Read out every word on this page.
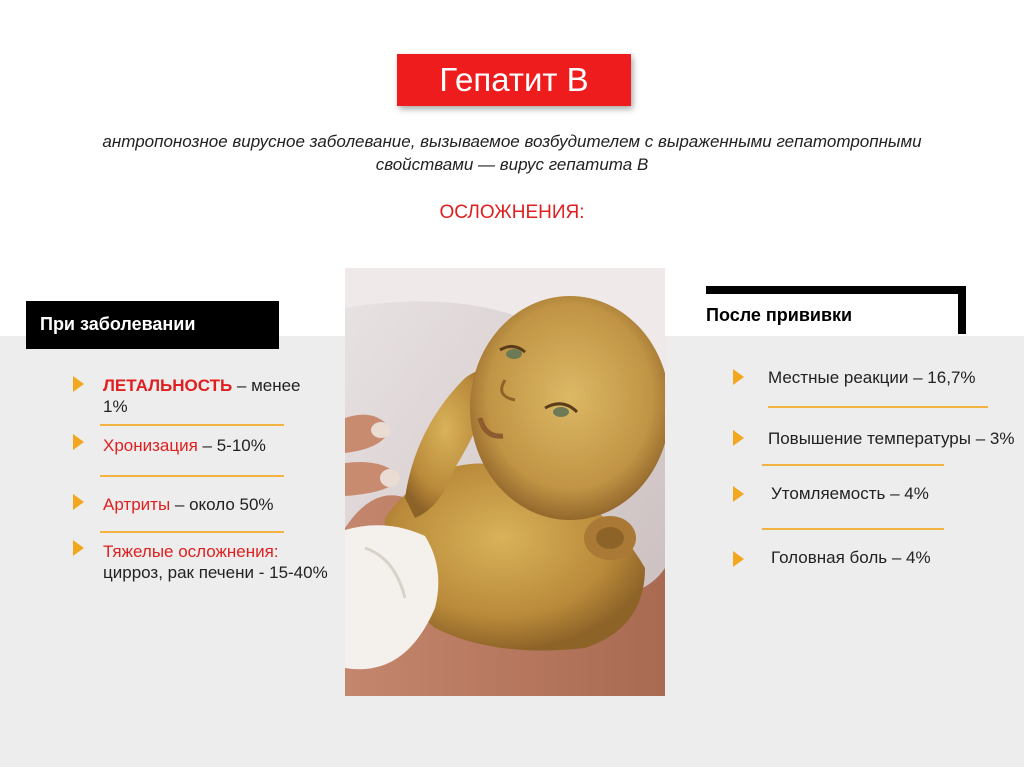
Гепатит В
антропонозное вирусное заболевание, вызываемое возбудителем с выраженными гепатотропными свойствами — вирус гепатита В
ОСЛОЖНЕНИЯ:
При заболевании
ЛЕТАЛЬНОСТЬ – менее
1%
Хронизация – 5-10%
Артриты – около 50%
Тяжелые осложнения:
цирроз, рак печени - 15-40%
После прививки
Местные реакции – 16,7%
Повышение температуры – 3%
Утомляемость – 4%
Головная боль – 4%
